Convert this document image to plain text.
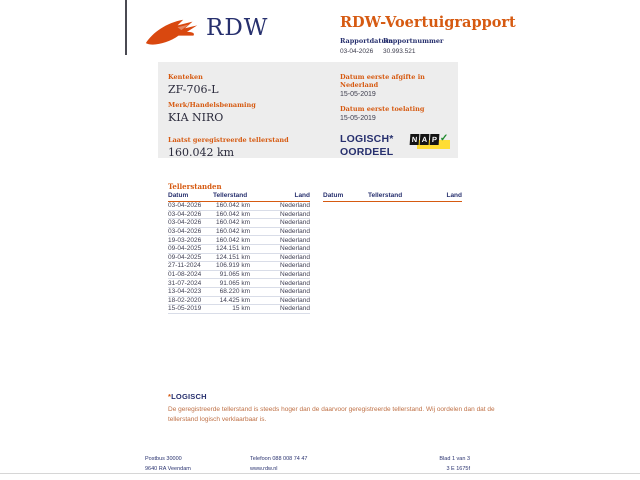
RDW	RDW-Voertuigrapport
Rapportdatum
03-04-2026
Rapportnummer
30.993.521
Kenteken
ZF-706-L
Merk/Handelsbenaming
KIA NIRO
Laatst geregistreerde tellerstand
160.042 km
Datum eerste afgifte in Nederland
15-05-2019
Datum eerste toelating
15-05-2019
LOGISCH*
OORDEEL
N A P ✓
Tellerstanden
Datum	Tellerstand	Land
03-04-2026	160.042 km	Nederland
03-04-2026	160.042 km	Nederland
03-04-2026	160.042 km	Nederland
03-04-2026	160.042 km	Nederland
19-03-2026	160.042 km	Nederland
09-04-2025	124.151 km	Nederland
09-04-2025	124.151 km	Nederland
27-11-2024	106.919 km	Nederland
01-08-2024	91.065 km	Nederland
31-07-2024	91.065 km	Nederland
13-04-2023	68.220 km	Nederland
18-02-2020	14.425 km	Nederland
15-05-2019	15 km	Nederland
Datum	Tellerstand	Land
*LOGISCH
De geregistreerde tellerstand is steeds hoger dan de daarvoor geregistreerde tellerstand. Wij oordelen dan dat de tellerstand logisch verklaarbaar is.
Postbus 30000
9640 RA Veendam
Telefoon 088 008 74 47
www.rdw.nl
Blad 1 van 3
3 E 1675f
